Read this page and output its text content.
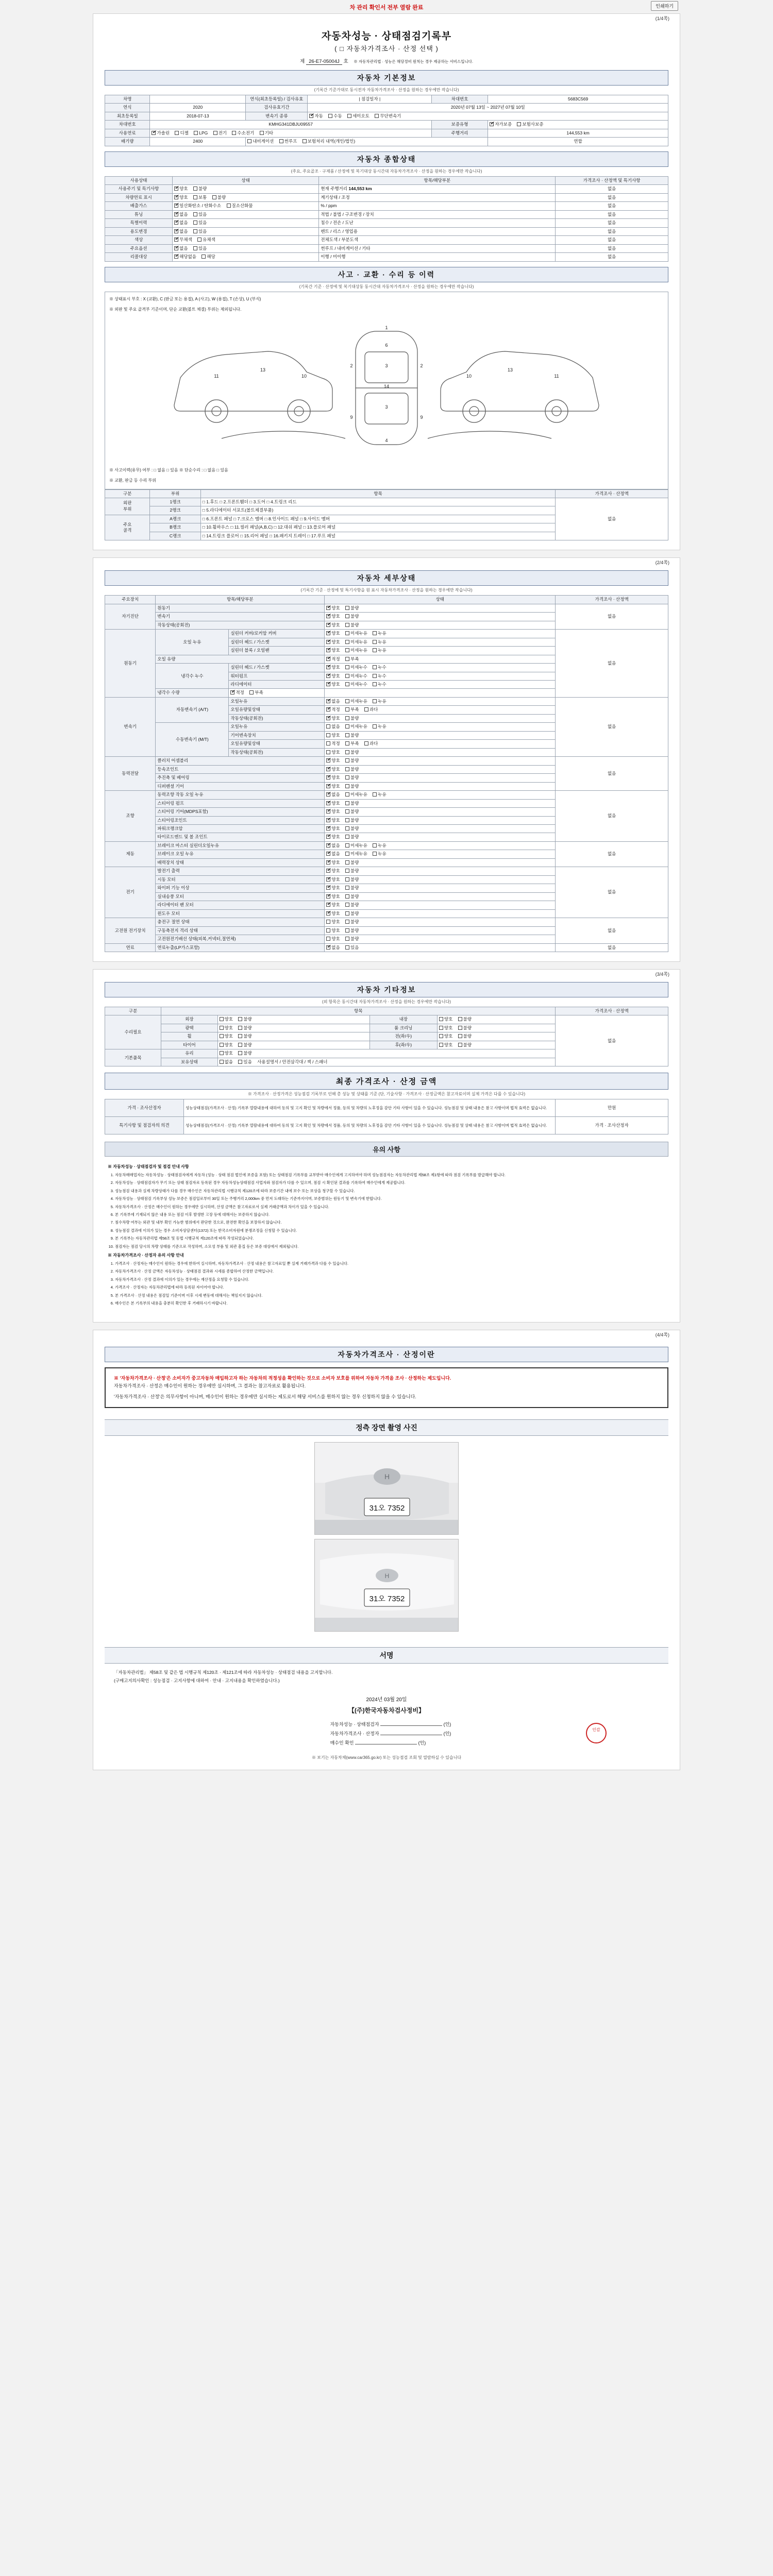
차 관리 확인서 전부 열람 완료	인쇄하기
(1/4쪽)
자동차성능 · 상태점검기록부
( □ 자동차가격조사 · 산정 선택 )
제 26-E7-05004J 호 ※ 자동차관리법 · 성능은 해당정비 원칙는 경우 제공하는 서비스입니다.
자동차 기본정보
(기록간 기준가대로 동시전자 자동차가격조사 · 산정을 원하는 경우에만 작습니다)
차명		연식(최초등록일) / 검사유효	| 점검일자 |	차대번호	5683C569
연식	2020	검사유효기간	2020년 07월 13일 ~ 2027년 07월 10일		
최초등록일	2018-07-13	변속기 종류	✔자동 수동 세미오토 무단변속기
차대번호	KMHG341DBJU09557			보증유형	✔자가보증 보험사보증
사용연료	✔가솔린 디젤 LPG 전기 수소전기 기타			주행거리	144,553 km
배기량	2400	내비게이션 썬루프 보험처리 내역(개인/법인)			연합
자동차 종합상태
(주요, 주요골조 · 구제품 / 산정에 및 복기대상 동시간대 자동차가격조사 · 산정을 원하는 경우에만 작습니다)
사용상태	상태	항목/해당부분	가격조사 · 산정액 및 특기사항
사용주기 및 특기사항	✔양호 불량	현재 주행거리 144,553 km	없음
차량연료 표시	✔양호 보통 불량	계기상태 / 조정	없음
배출가스	✔일산화탄소 / 탄화수소 질소산화물	% / ppm	없음
튜닝	✔없음 있음	적법 / 불법 / 구조변경 / 장치	없음
특별이력	✔없음 있음	침수 / 전손 / 도난	없음
용도변경	✔없음 있음	렌트 / 리스 / 영업용	없음
색상	✔무채색 유채색	전체도색 / 부분도색	없음
주요옵션	✔없음 있음	썬루프 / 내비게이션 / 기타	없음
리콜대상	✔해당없음 해당	이행 / 미이행	없음
사고 · 교환 · 수리 등 이력
(기록간 기준 · 산정에 및 복기대상동 동시간대 자동차가격조사 · 산정을 원하는 경우에만 작습니다)
※ 상태표시 부호 : X (교환), C (판금 또는 용접), A (사고), W (용접), T (손상), U (부식)
※ 외판 및 주요 골격부 기준이며, 단순 교환(볼트 체결) 부위는 제외됩니다.
1
6
3
3
4
2	2
9	9
11
13
10	11
13
10
14
※ 사고이력(유무) 여부 : □ 없음 □ 있음 ※ 단순수리 : □ 없음 □ 있음
※ 교환, 판금 등 수리 부위
구분	부위	항목	가격조사 · 산정액
외판
부위	1랭크	□ 1.후드 □ 2.프론트휀더 □ 3.도어 □ 4.트렁크 리드	없음
	2랭크	□ 5.라디에이터 서포트(볼트체결부품)	
주요
골격	A랭크	□ 6.프론트 패널 □ 7.크로스 멤버 □ 8.인사이드 패널 □ 9.사이드 멤버	
	B랭크	□ 10.휠하우스 □ 11.필러 패널(A,B,C) □ 12.대쉬 패널 □ 13.플로어 패널	
	C랭크	□ 14.트렁크 플로어 □ 15.리어 패널 □ 16.패키지 트레이 □ 17.루프 패널	
(2/4쪽)
자동차 세부상태
(기록간 기준 · 산정에 및 특기사항을 원 표시 자동차가격조사 · 산정을 원하는 경우에만 작습니다)
주요장치	항목/해당부분		상태	가격조사 · 산정액
자기진단	원동기	✔양호 불량	없음
	변속기	✔양호 불량
	작동상태(공회전)	✔양호 불량
원동기	오일 누유	실린더 커버/로커암 커버	✔양호 미세누유 누유	없음
		실린더 헤드 / 가스켓	✔양호 미세누유 누유
		실린더 블록 / 오일팬	✔양호 미세누유 누유
	오일 유량	✔적정 부족
	냉각수 누수	실린더 헤드 / 가스켓	✔양호 미세누수 누수
		워터펌프	✔양호 미세누수 누수
		라디에이터	✔양호 미세누수 누수
	냉각수 수량	✔적정 부족
변속기	자동변속기 (A/T)	오일누유	✔없음 미세누유 누유	없음
		오일유량및상태	✔적정 부족 과다
		작동상태(공회전)	✔양호 불량
	수동변속기 (M/T)	오일누유	없음 미세누유 누유	
		기어변속장치	양호 불량	
		오일유량및상태	적정 부족 과다	
		작동상태(공회전)	양호 불량	
동력전달	클러치 어셈블리	✔양호 불량	없음
	등속조인트	✔양호 불량
	추진축 및 베어링	✔양호 불량
	디퍼렌셜 기어	✔양호 불량
조향	동력조향 작동 오일 누유	✔없음 미세누유 누유	없음
	스티어링 펌프	✔양호 불량
	스티어링 기어(MDPS포함)	✔양호 불량
	스티어링조인트	✔양호 불량
	파워크랭크암	✔양호 불량
	타이로드엔드 및 볼 조인트	✔양호 불량
제동	브레이크 마스터 실린더오일누유	✔없음 미세누유 누유	없음
	브레이크 오일 누유	✔없음 미세누유 누유
	배력장치 상태	✔양호 불량
전기	발전기 출력	✔양호 불량	없음
	시동 모터	✔양호 불량
	와이퍼 기능 이상	✔양호 불량
	실내송풍 모터	✔양호 불량
	라디에이터 팬 모터	✔양호 불량
	윈도우 모터	✔양호 불량
고전원 전기장치	충전구 절연 상태		양호 불량	없음
	구동축전지 격리 상태		양호 불량	
	고전원전기배선 상태(피복,커넥터,절연체)		양호 불량	
연료	연료누출(LP가스포함)	✔없음 있음	없음
(3/4쪽)
자동차 기타정보
(외 항목은 동시간대 자동차가격조사 · 산정을 원하는 경우에만 작습니다)
구분	항목				가격조사 · 산정액
수리필요	외장	양호 불량	내장	양호 불량	없음
	광택	양호 불량	룸 크리닝	양호 불량	
	휠	양호 불량	전(좌/우)	양호 불량	
	타이어	양호 불량	후(좌/우)	양호 불량	
기본품목	유리	양호 불량			
	보유상태	없음 있음 사용설명서 / 안전삼각대 / 잭 / 스패너			
최종 가격조사 · 산정 금액
※ 가격조사 · 산정가격은 성능점검 기록부로 인해 총 성능 및 상태를 기준 (단, 기술사항 · 가격조사 · 산정금액은 참고자료이며 실제 가격은 다를 수 있습니다)
가격 · 조사산정자	성능상태점검(가격조사 · 산정) 기록부 열람내용에 대하여 동의 및 고지 확인 및 차량에서 정품, 등의 및 차량의 노후정을 감안 기타 사항이 있을 수 있습니다. 성능점검 및 상태 내용은 참고 사항이며 법적 효력은 없습니다.	만원
특기사항 및 점검자의 의견	성능상태점검(가격조사 · 산정) 기록부 열람내용에 대하여 동의 및 고지 확인 및 차량에서 정품, 등의 및 차량의 노후정을 감안 기타 사항이 있을 수 있습니다. 성능점검 및 상태 내용은 참고 사항이며 법적 효력은 없습니다.	가격 · 조사산정자
유의 사항
※ 자동차성능 · 상태점검자 및 점검 안내 사항
1. 자동차매매업자는 자동차성능 · 상태점검자에게 자동차 (성능 · 상태 점검 법인에 보증을 포함) 또는 상태점검 기록부를 교부받아 매수인에게 고지하여야 하며 성능점검자는 자동차관리법 제58조 제1항에 따라 점검 기록부를 발급해야 합니다.
2. 자동차성능 · 상태점검자가 무기 또는 상태 점검자로 등록된 경우 자동차성능상태점검 사업자와 점검자가 다를 수 있으며, 점검 시 확인된 결과를 기록하여 매수인에게 제공합니다.
3. 성능점검 내용과 실제 차량상태가 다를 경우 매수인은 자동차관리법 시행규칙 제120조에 따라 보증기간 내에 보수 또는 보상을 청구할 수 있습니다.
4. 자동차성능 · 상태점검 기록부상 성능 보증은 점검일로부터 30일 또는 주행거리 2,000km 중 먼저 도래하는 기준까지이며, 보증범위는 원동기 및 변속기에 한합니다.
5. 자동차가격조사 · 산정은 매수인이 원하는 경우에만 실시하며, 산정 금액은 참고자료로서 실제 거래금액과 차이가 있을 수 있습니다.
6. 본 기록부에 기재되지 않은 내용 또는 점검 이후 발생한 고장 등에 대해서는 보증하지 않습니다.
7. 침수차량 여부는 외관 및 내부 확인 가능한 범위에서 판단한 것으로, 완전한 확인을 보장하지 않습니다.
8. 성능점검 결과에 이의가 있는 경우 소비자상담센터(1372) 또는 한국소비자원에 분쟁조정을 신청할 수 있습니다.
9. 본 기록부는 자동차관리법 제58조 및 동법 시행규칙 제120조에 따라 작성되었습니다.
10. 점검자는 점검 당시의 차량 상태를 기준으로 작성하며, 소모성 부품 및 외관 흠집 등은 보증 대상에서 제외됩니다.
※ 자동차가격조사 · 산정자 유의 사항 안내
1. 가격조사 · 산정자는 매수인이 원하는 경우에 한하여 실시하며, 자동차가격조사 · 산정 내용은 참고자료일 뿐 실제 거래가격과 다를 수 있습니다.
2. 자동차가격조사 · 산정 금액은 자동차성능 · 상태점검 결과와 시세를 종합하여 산정한 금액입니다.
3. 자동차가격조사 · 산정 결과에 이의가 있는 경우에는 재산정을 요청할 수 있습니다.
4. 가격조사 · 산정자는 자동차관리법에 따라 등록된 자이어야 합니다.
5. 본 가격조사 · 산정 내용은 점검일 기준이며 이후 시세 변동에 대해서는 책임지지 않습니다.
6. 매수인은 본 기록부의 내용을 충분히 확인한 후 거래하시기 바랍니다.
(4/4쪽)
자동차가격조사 · 산정이란
※ '자동차가격조사 · 산정'은 소비자가 중고자동차 매입하고자 하는 자동차의 적정성을 확인하는 것으로 소비자 보호를 위하여 자동차 가격을 조사 · 산정하는 제도입니다.
자동차가격조사 · 산정은 매수인이 원하는 경우에만 실시하며, 그 결과는 참고자료로 활용됩니다.
'자동차가격조사 · 산정'은 의무사항이 아니며, 매수인이 원하는 경우에만 실시하는 제도로서 해당 서비스를 원하지 않는 경우 신청하지 않을 수 있습니다.
정측 장면 촬영 사진
H
31오 7352
H
31오 7352
서명
「자동차관리법」 제58조 및 같은 법 시행규칙 제120조 · 제121조에 따라 자동차성능 · 상태점검 내용을 고지합니다.
(구매고지의사확인 : 성능점검 · 고지사항에 대하여 · 안내 · 고지내용을 확인하였습니다.)
2024년 03월 20일
【(주)한국자동차검사정비】
인감
자동차성능 · 상태점검자	(인)
자동차가격조사 · 산정자	(인)
매수인 확인	(인)
※ 보기는 자동차체(www.car365.go.kr) 또는 성능점검 조회 및 열람하실 수 있습니다
